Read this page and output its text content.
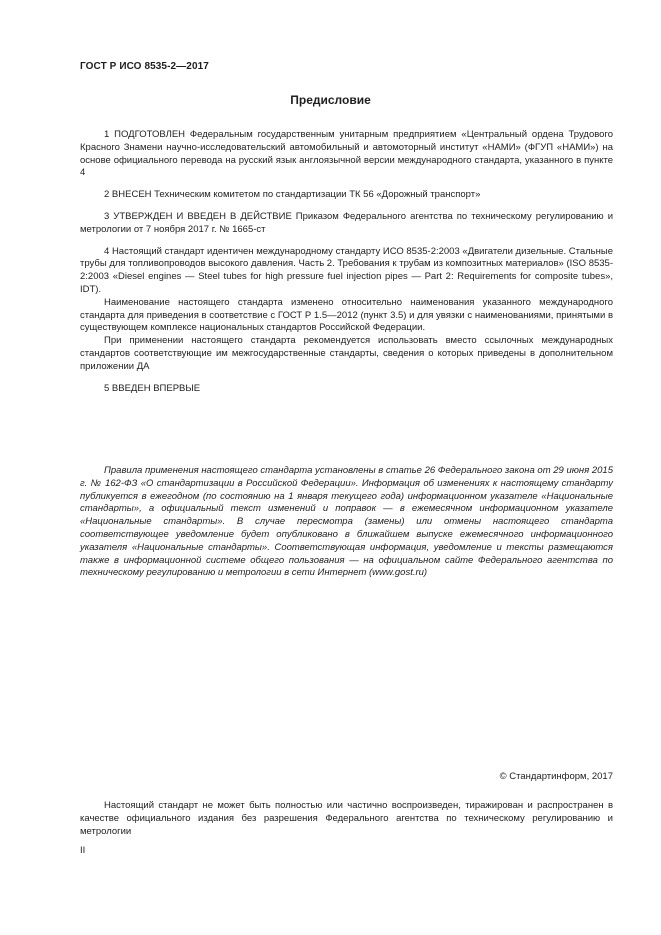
ГОСТ Р ИСО 8535-2—2017
Предисловие

1 ПОДГОТОВЛЕН Федеральным государственным унитарным предприятием «Центральный ордена Трудового Красного Знамени научно-исследовательский автомобильный и автомоторный институт «НАМИ» (ФГУП «НАМИ») на основе официального перевода на русский язык англоязычной версии международного стандарта, указанного в пункте 4

2 ВНЕСЕН Техническим комитетом по стандартизации ТК 56 «Дорожный транспорт»

3 УТВЕРЖДЕН И ВВЕДЕН В ДЕЙСТВИЕ Приказом Федерального агентства по техническому регулированию и метрологии от 7 ноября 2017 г. № 1665-ст

4 Настоящий стандарт идентичен международному стандарту ИСО 8535-2:2003 «Двигатели дизельные. Стальные трубы для топливопроводов высокого давления. Часть 2. Требования к трубам из композитных материалов» (ISO 8535-2:2003 «Diesel engines — Steel tubes for high pressure fuel injection pipes — Part 2: Requirements for composite tubes», IDT).

Наименование настоящего стандарта изменено относительно наименования указанного международного стандарта для приведения в соответствие с ГОСТ Р 1.5—2012 (пункт 3.5) и для увязки с наименованиями, принятыми в существующем комплексе национальных стандартов Российской Федерации.

При применении настоящего стандарта рекомендуется использовать вместо ссылочных международных стандартов соответствующие им межгосударственные стандарты, сведения о которых приведены в дополнительном приложении ДА

5 ВВЕДЕН ВПЕРВЫЕ

Правила применения настоящего стандарта установлены в статье 26 Федерального закона от 29 июня 2015 г. № 162-ФЗ «О стандартизации в Российской Федерации». Информация об изменениях к настоящему стандарту публикуется в ежегодном (по состоянию на 1 января текущего года) информационном указателе «Национальные стандарты», а официальный текст изменений и поправок — в ежемесячном информационном указателе «Национальные стандарты». В случае пересмотра (замены) или отмены настоящего стандарта соответствующее уведомление будет опубликовано в ближайшем выпуске ежемесячного информационного указателя «Национальные стандарты». Соответствующая информация, уведомление и тексты размещаются также в информационной системе общего пользования — на официальном сайте Федерального агентства по техническому регулированию и метрологии в сети Интернет (www.gost.ru)

© Стандартинформ, 2017

Настоящий стандарт не может быть полностью или частично воспроизведен, тиражирован и распространен в качестве официального издания без разрешения Федерального агентства по техническому регулированию и метрологии

II
